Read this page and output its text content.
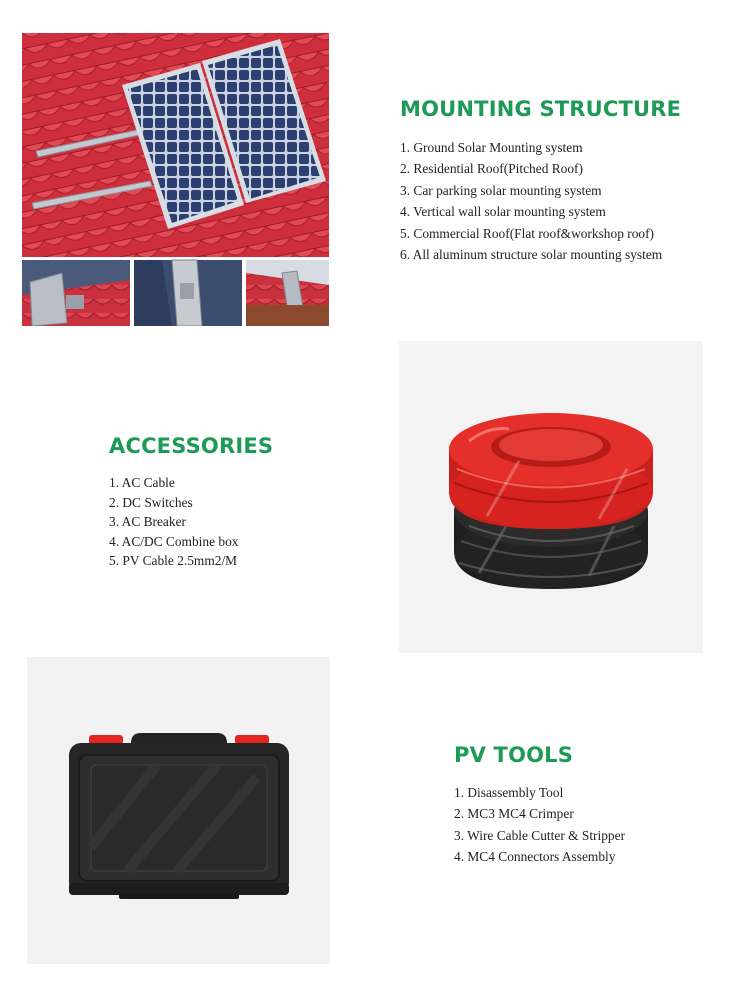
MOUNTING STRUCTURE
1. Ground Solar Mounting system
2. Residential Roof(Pitched Roof)
3. Car parking solar mounting system
4. Vertical wall solar mounting system
5. Commercial Roof(Flat roof&workshop roof)
6. All aluminum structure solar mounting system
ACCESSORIES
1. AC Cable
2. DC Switches
3. AC Breaker
4. AC/DC Combine box
5. PV Cable 2.5mm2/M
PV TOOLS
1. Disassembly Tool
2. MC3 MC4 Crimper
3. Wire Cable Cutter & Stripper
4. MC4 Connectors Assembly
